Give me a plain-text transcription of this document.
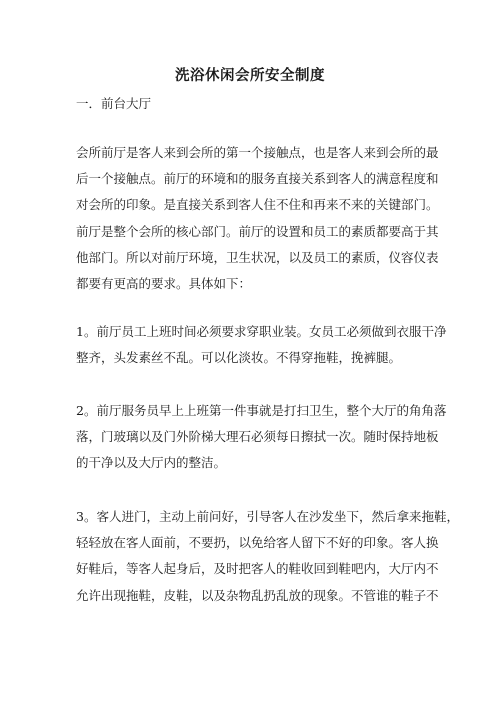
洗浴休闲会所安全制度
一．前台大厅
会所前厅是客人来到会所的第一个接触点，也是客人来到会所的最
后一个接触点。前厅的环境和的服务直接关系到客人的满意程度和
对会所的印象。是直接关系到客人住不住和再来不来的关键部门。
前厅是整个会所的核心部门。前厅的设置和员工的素质都要高于其
他部门。所以对前厅环境，卫生状况，以及员工的素质，仪容仪表
都要有更高的要求。具体如下：
1。前厅员工上班时间必须要求穿职业装。女员工必须做到衣服干净
整齐，头发素丝不乱。可以化淡妆。不得穿拖鞋，挽裤腿。
2。前厅服务员早上上班第一件事就是打扫卫生，整个大厅的角角落
落，门玻璃以及门外阶梯大理石必须每日擦拭一次。随时保持地板
的干净以及大厅内的整洁。
3。客人进门，主动上前问好，引导客人在沙发坐下，然后拿来拖鞋，
轻轻放在客人面前，不要扔，以免给客人留下不好的印象。客人换
好鞋后，等客人起身后，及时把客人的鞋收回到鞋吧内，大厅内不
允许出现拖鞋，皮鞋，以及杂物乱扔乱放的现象。不管谁的鞋子不
